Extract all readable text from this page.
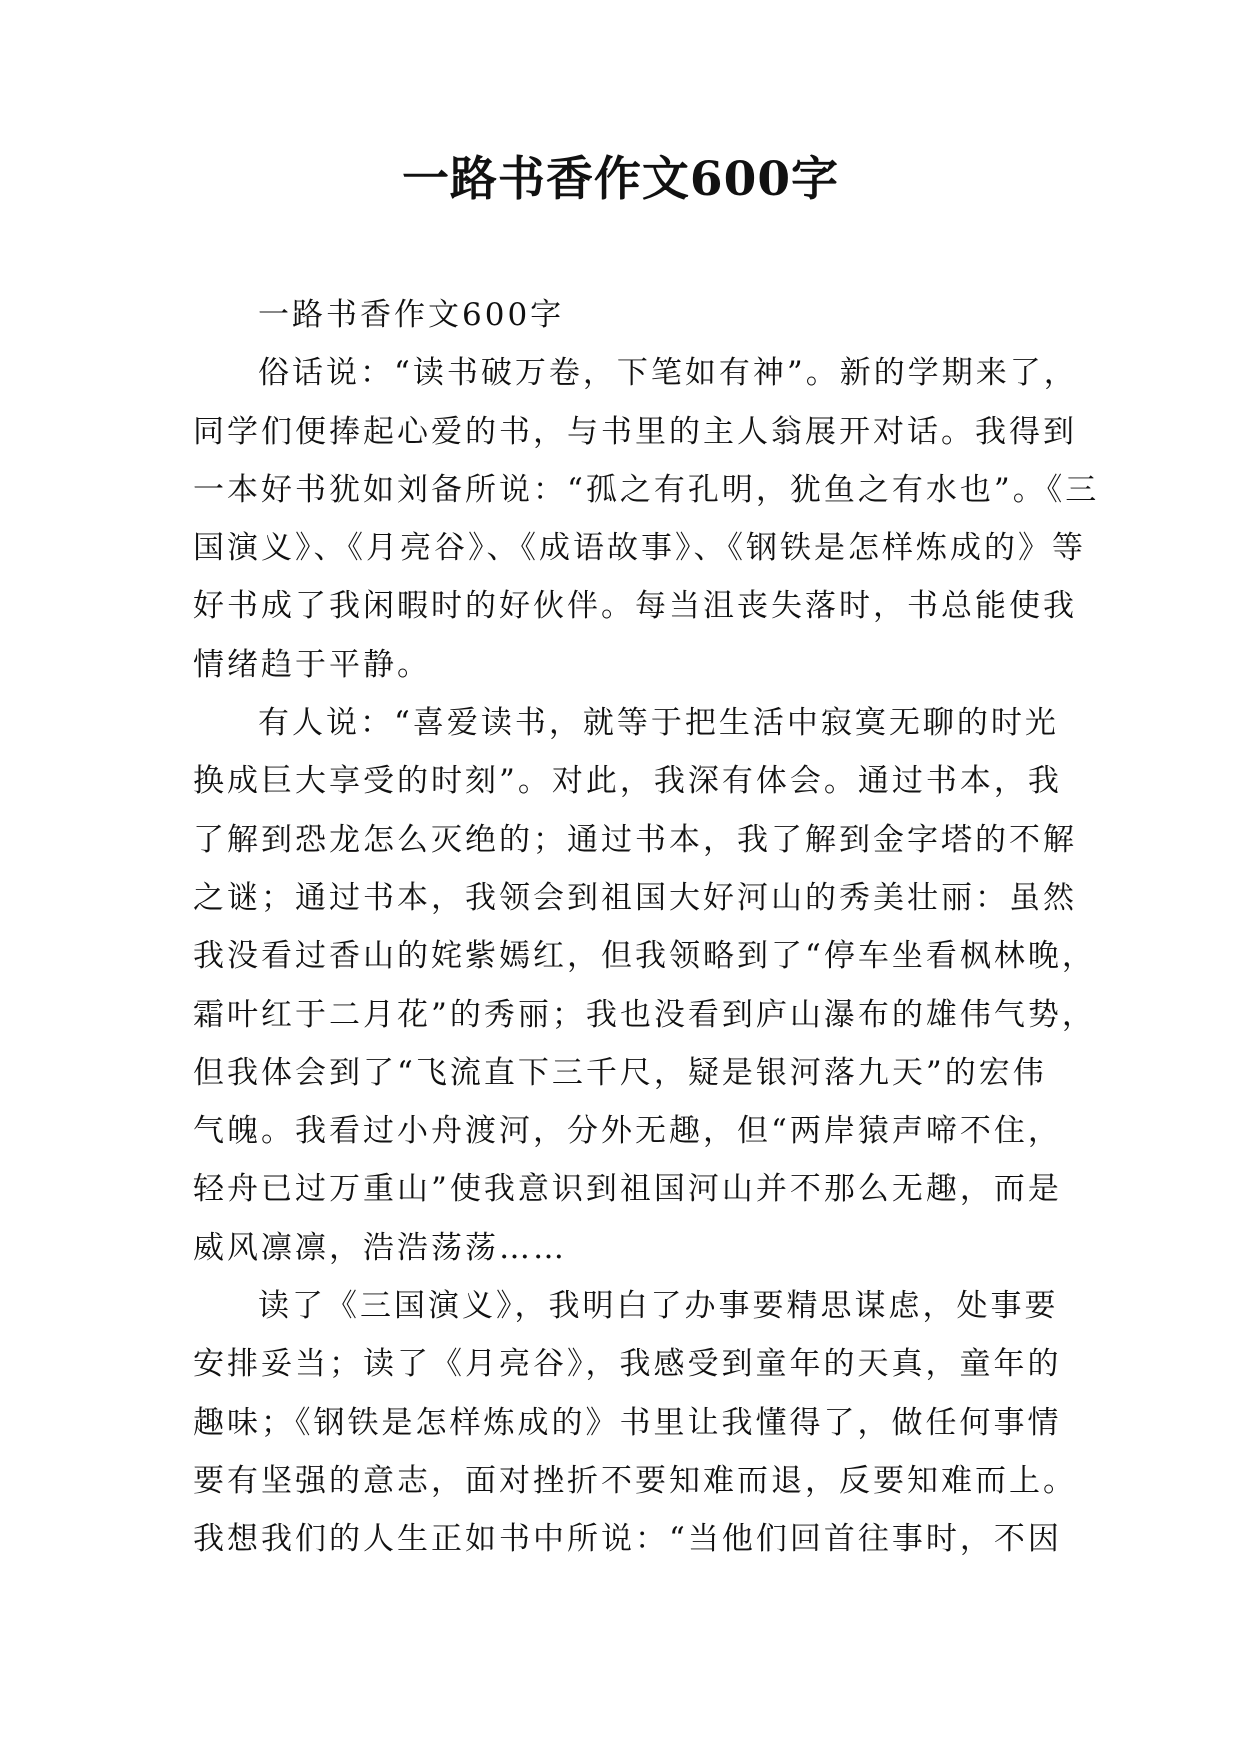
一路书香作文600字

一路书香作文600字

俗话说：“读书破万卷，下笔如有神”。新的学期来了，

同学们便捧起心爱的书，与书里的主人翁展开对话。我得到

一本好书犹如刘备所说：“孤之有孔明，犹鱼之有水也”。《三

国演义》、《月亮谷》、《成语故事》、《钢铁是怎样炼成的》等

好书成了我闲暇时的好伙伴。每当沮丧失落时，书总能使我

情绪趋于平静。

有人说：“喜爱读书，就等于把生活中寂寞无聊的时光

换成巨大享受的时刻”。对此，我深有体会。通过书本，我

了解到恐龙怎么灭绝的；通过书本，我了解到金字塔的不解

之谜；通过书本，我领会到祖国大好河山的秀美壮丽：虽然

我没看过香山的姹紫嫣红，但我领略到了“停车坐看枫林晚，

霜叶红于二月花”的秀丽；我也没看到庐山瀑布的雄伟气势，

但我体会到了“飞流直下三千尺，疑是银河落九天”的宏伟

气魄。我看过小舟渡河，分外无趣，但“两岸猿声啼不住，

轻舟已过万重山”使我意识到祖国河山并不那么无趣，而是

威风凛凛，浩浩荡荡……

读了《三国演义》，我明白了办事要精思谋虑，处事要

安排妥当；读了《月亮谷》，我感受到童年的天真，童年的

趣味；《钢铁是怎样炼成的》书里让我懂得了，做任何事情

要有坚强的意志，面对挫折不要知难而退，反要知难而上。

我想我们的人生正如书中所说：“当他们回首往事时，不因
